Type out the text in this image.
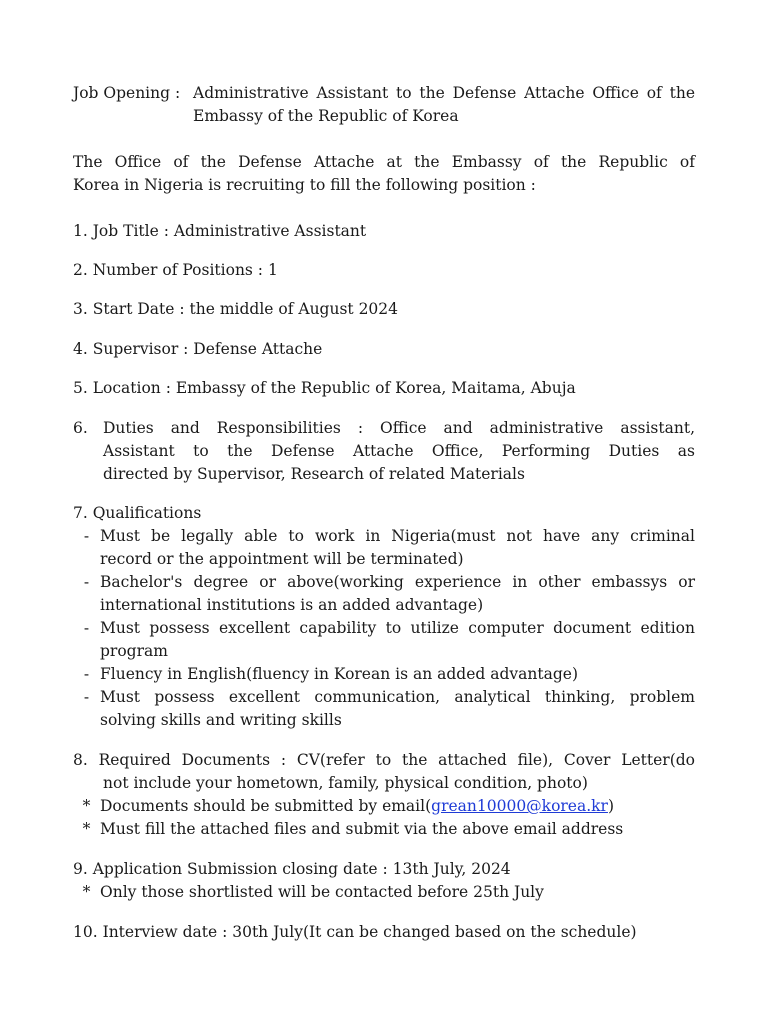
Job Opening : Administrative Assistant to the Defense Attache Office of the
Embassy of the Republic of Korea
The Office of the Defense Attache at the Embassy of the Republic of
Korea in Nigeria is recruiting to fill the following position :
1. Job Title : Administrative Assistant
2. Number of Positions : 1
3. Start Date : the middle of August 2024
4. Supervisor : Defense Attache
5. Location : Embassy of the Republic of Korea, Maitama, Abuja
6. Duties and Responsibilities : Office and administrative assistant,
Assistant to the Defense Attache Office, Performing Duties as
directed by Supervisor, Research of related Materials
7. Qualifications
- Must be legally able to work in Nigeria(must not have any criminal
record or the appointment will be terminated)
- Bachelor's degree or above(working experience in other embassys or
international institutions is an added advantage)
- Must possess excellent capability to utilize computer document edition
program
- Fluency in English(fluency in Korean is an added advantage)
- Must possess excellent communication, analytical thinking, problem
solving skills and writing skills
8. Required Documents : CV(refer to the attached file), Cover Letter(do
not include your hometown, family, physical condition, photo)
* Documents should be submitted by email(grean10000@korea.kr)
* Must fill the attached files and submit via the above email address
9. Application Submission closing date : 13th July, 2024
* Only those shortlisted will be contacted before 25th July
10. Interview date : 30th July(It can be changed based on the schedule)
